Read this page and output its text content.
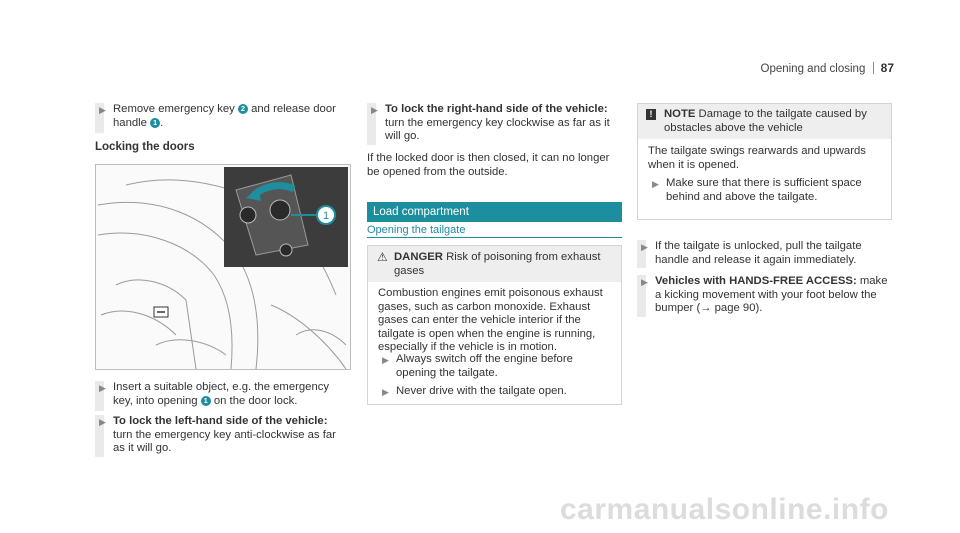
Opening and closing 87
▶ Remove emergency key 2 and release door handle 1 .
Locking the doors
1
▶ Insert a suitable object, e.g. the emergency key, into opening 1 on the door lock.
▶ To lock the left-hand side of the vehicle: turn the emergency key anti-clockwise as far as it will go.
▶ To lock the right-hand side of the vehicle: turn the emergency key clockwise as far as it will go.
If the locked door is then closed, it can no longer be opened from the outside.
Load compartment
Opening the tailgate
⚠ DANGER Risk of poisoning from exhaust gases
Combustion engines emit poisonous exhaust gases, such as carbon monoxide. Exhaust gases can enter the vehicle interior if the tailgate is open when the engine is running, especially if the vehicle is in motion.
▶ Always switch off the engine before opening the tailgate.
▶ Never drive with the tailgate open.
!	NOTE Damage to the tailgate caused by obstacles above the vehicle
The tailgate swings rearwards and upwards when it is opened.
▶ Make sure that there is sufficient space behind and above the tailgate.
▶ If the tailgate is unlocked, pull the tailgate handle and release it again immediately.
▶ Vehicles with HANDS-FREE ACCESS: make a kicking movement with your foot below the bumper (→ page 90).
carmanualsonline.info
